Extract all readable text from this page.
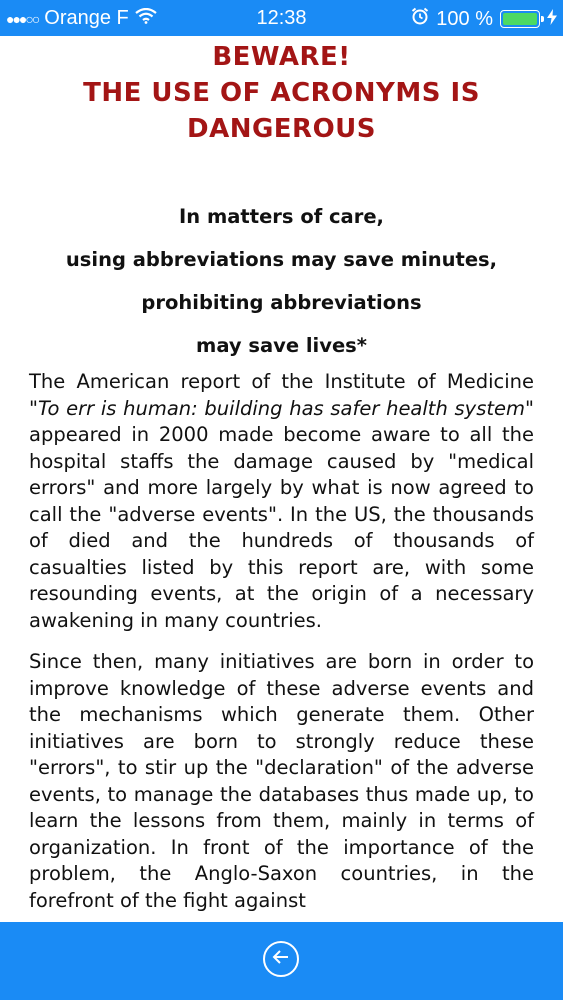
●●●○○ Orange F	12:38	100 %
BEWARE!
THE USE OF ACRONYMS IS
DANGEROUS

In matters of care,

using abbreviations may save minutes,

prohibiting abbreviations

may save lives*

The American report of the Institute of Medicine "To err is human: building has safer health system" appeared in 2000 made become aware to all the hospital staffs the damage caused by "medical errors" and more largely by what is now agreed to call the "adverse events". In the US, the thousands of died and the hundreds of thousands of casualties listed by this report are, with some resounding events, at the origin of a necessary awakening in many countries.

Since then, many initiatives are born in order to improve knowledge of these adverse events and the mechanisms which generate them. Other initiatives are born to strongly reduce these "errors", to stir up the "declaration" of the adverse events, to manage the databases thus made up, to learn the lessons from them, mainly in terms of organization. In front of the importance of the problem, the Anglo-Saxon countries, in the forefront of the fight against
